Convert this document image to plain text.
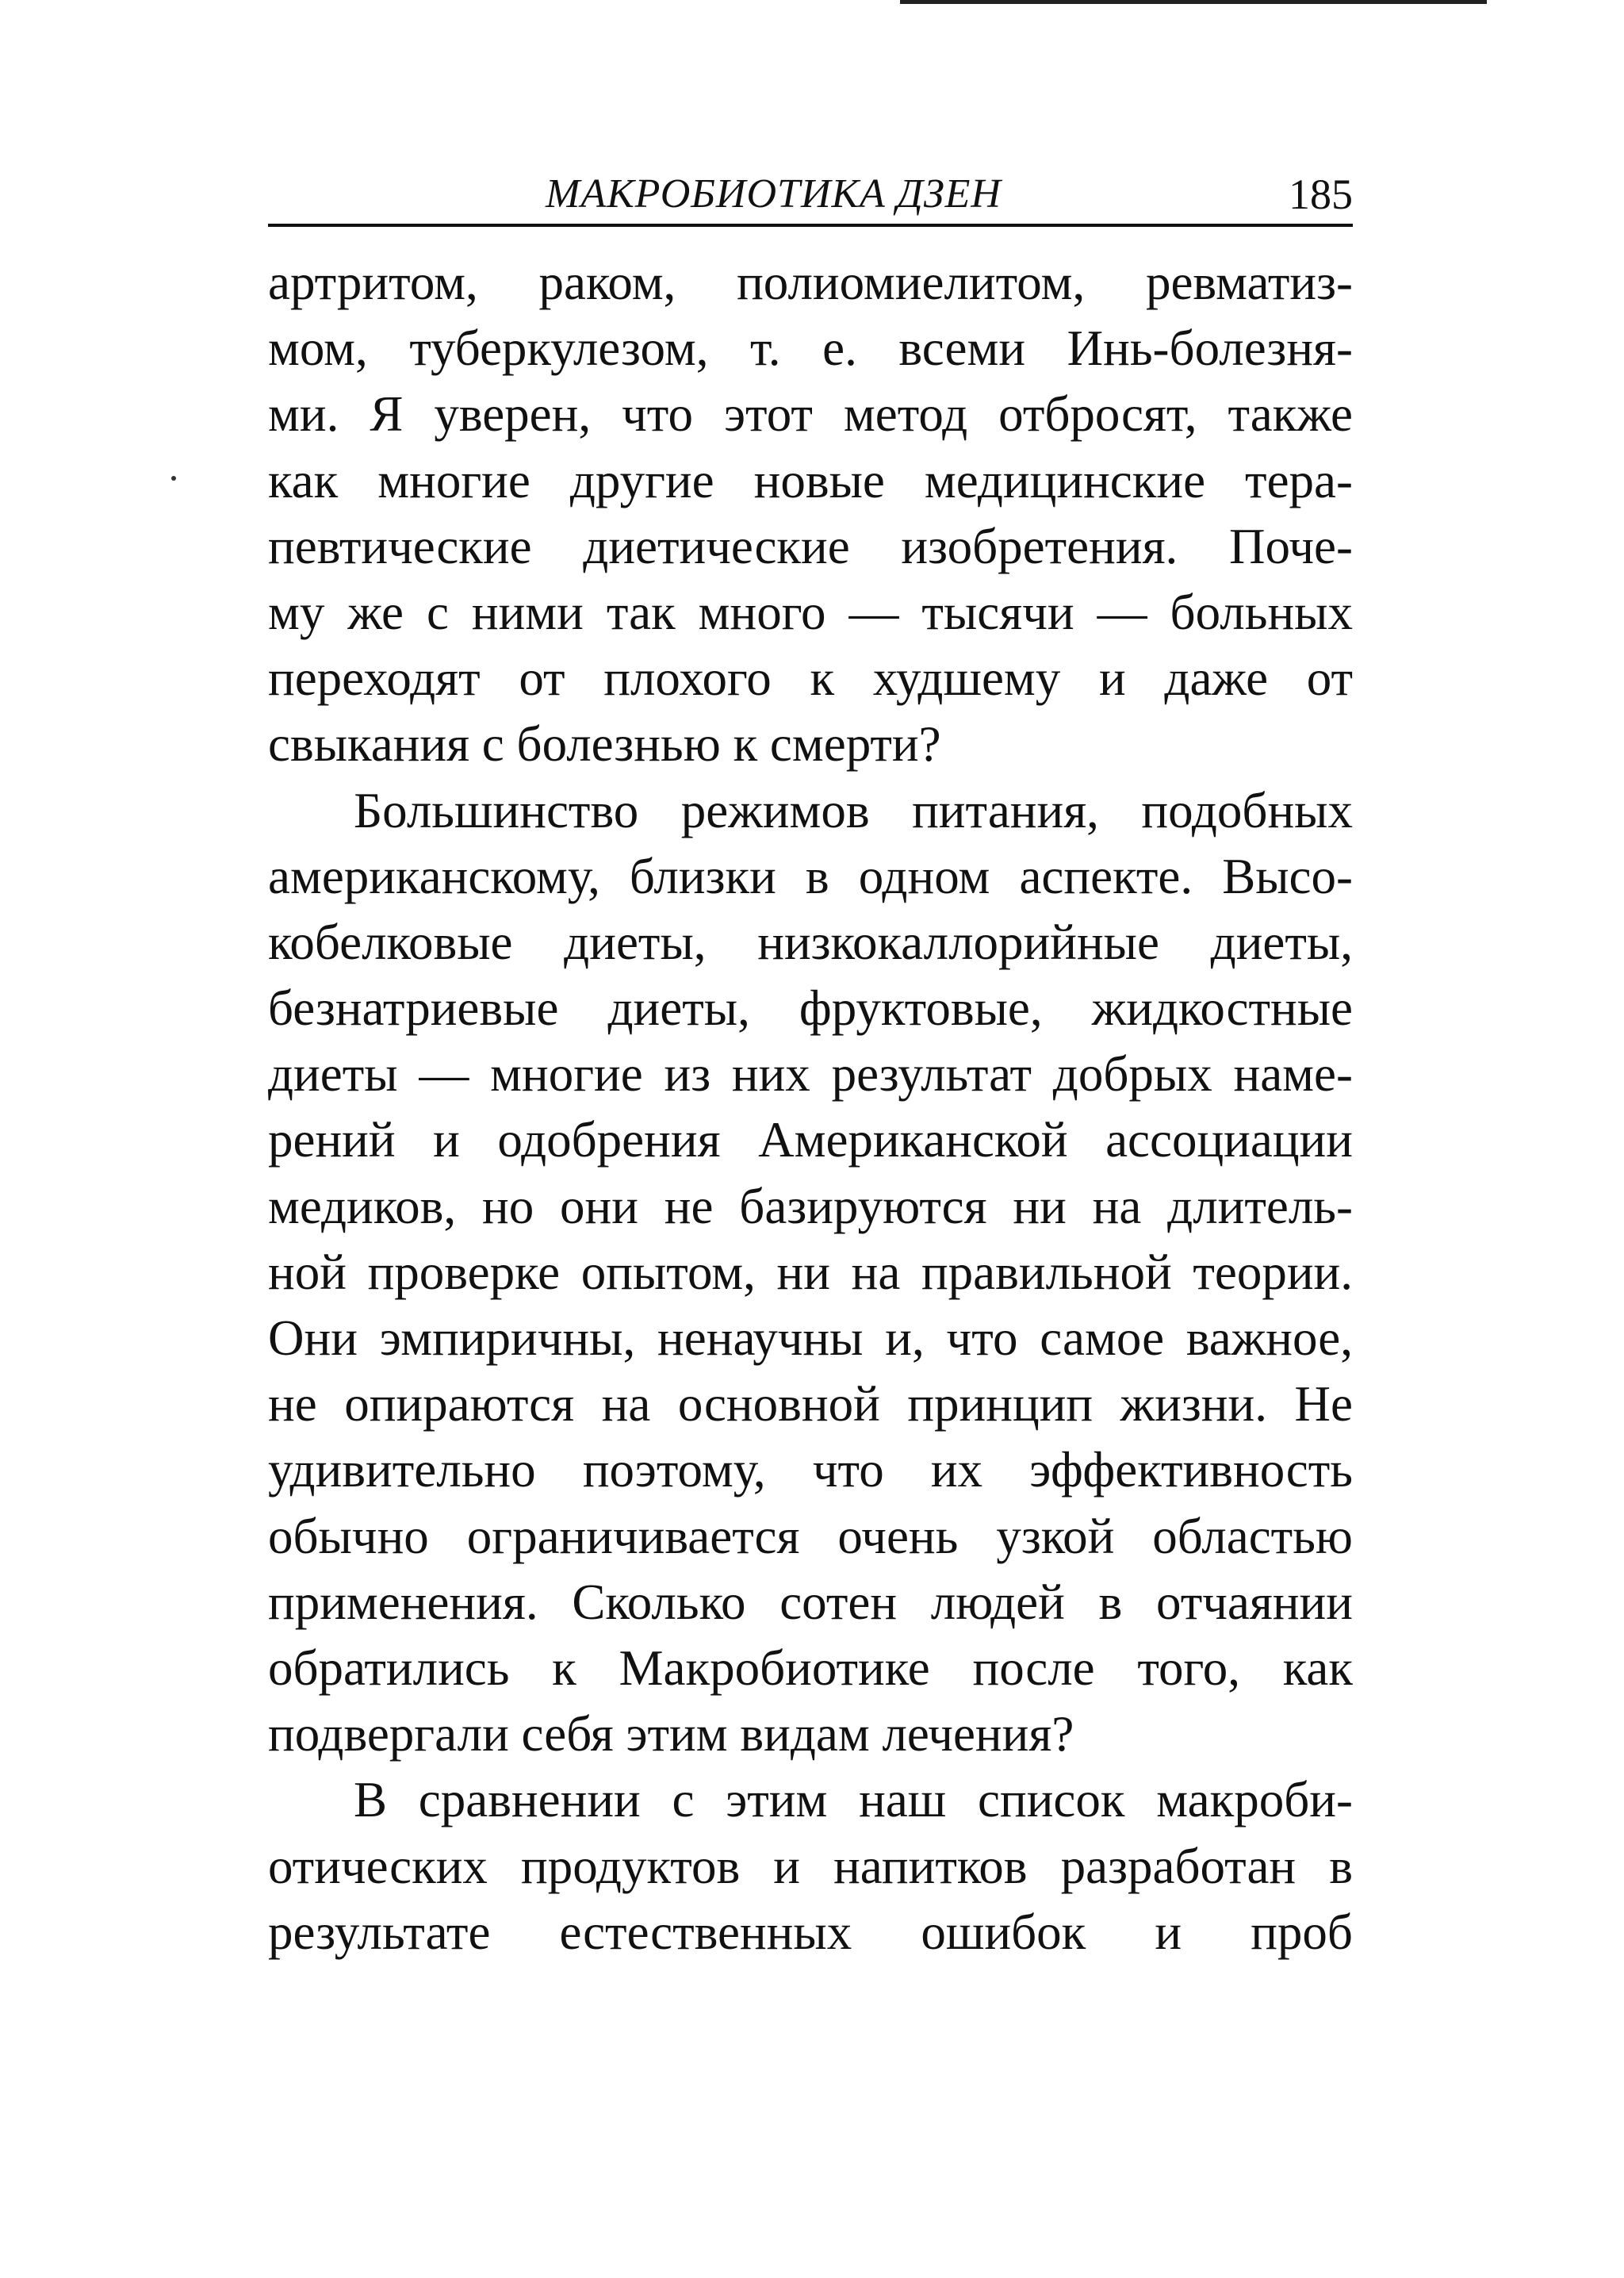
МАКРОБИОТИКА ДЗЕН	185
артритом, раком, полиомиелитом, ревматиз-
мом, туберкулезом, т. е. всеми Инь-болезня-
ми. Я уверен, что этот метод отбросят, также
как многие другие новые медицинские тера-
певтические диетические изобретения. Поче-
му же с ними так много — тысячи — больных
переходят от плохого к худшему и даже от
свыкания с болезнью к смерти?
Большинство режимов питания, подобных
американскому, близки в одном аспекте. Высо-
кобелковые диеты, низкокаллорийные диеты,
безнатриевые диеты, фруктовые, жидкостные
диеты — многие из них результат добрых наме-
рений и одобрения Американской ассоциации
медиков, но они не базируются ни на длитель-
ной проверке опытом, ни на правильной теории.
Они эмпиричны, ненаучны и, что самое важное,
не опираются на основной принцип жизни. Не
удивительно поэтому, что их эффективность
обычно ограничивается очень узкой областью
применения. Сколько сотен людей в отчаянии
обратились к Макробиотике после того, как
подвергали себя этим видам лечения?
В сравнении с этим наш список макроби-
отических продуктов и напитков разработан в
результате естественных ошибок и проб
